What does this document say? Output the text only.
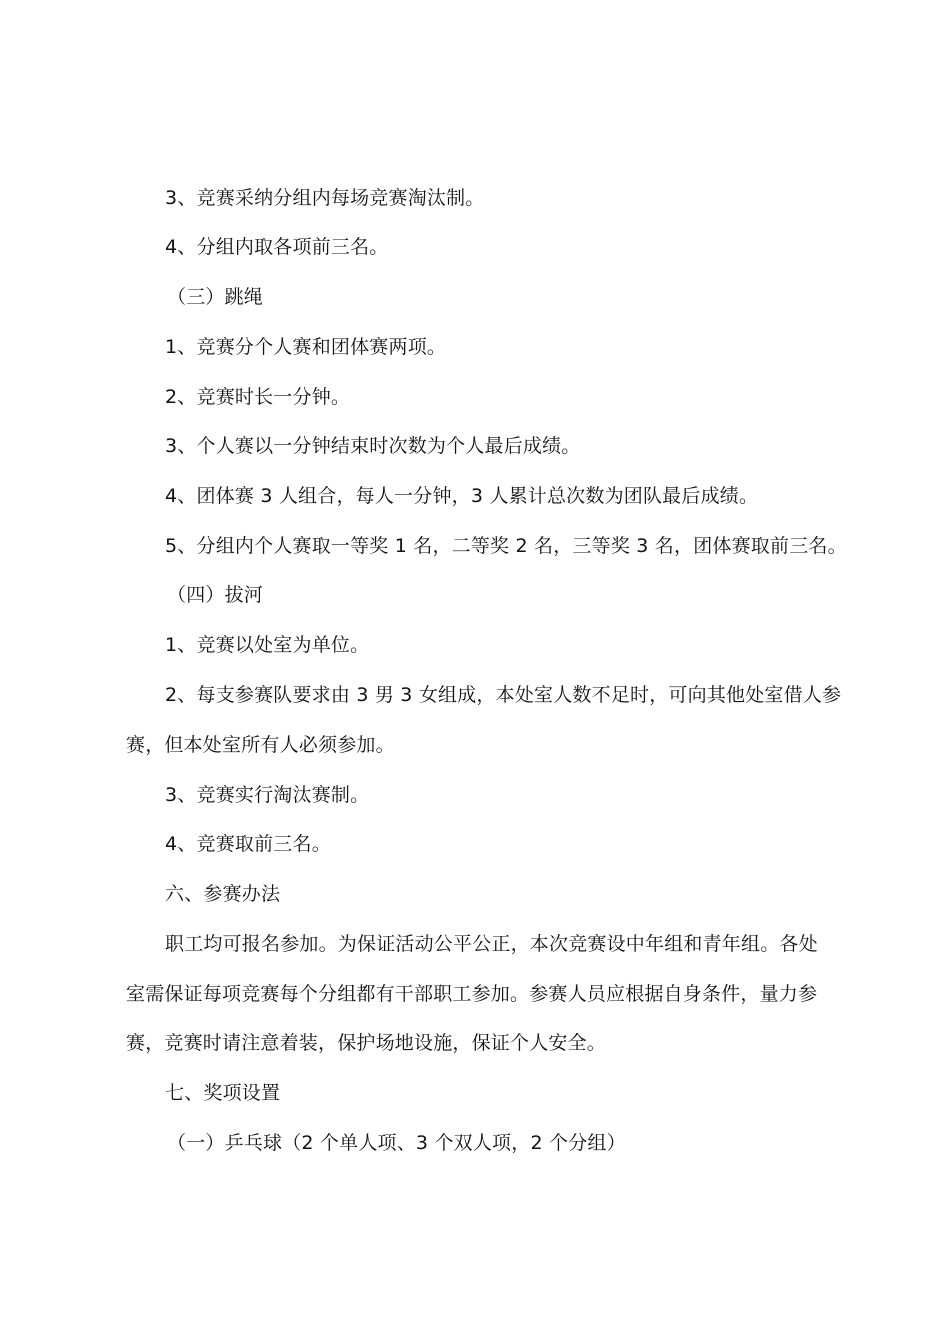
3、竞赛采纳分组内每场竞赛淘汰制。
4、分组内取各项前三名。
（三）跳绳
1、竞赛分个人赛和团体赛两项。
2、竞赛时长一分钟。
3、个人赛以一分钟结束时次数为个人最后成绩。
4、团体赛 3 人组合，每人一分钟，3 人累计总次数为团队最后成绩。
5、分组内个人赛取一等奖 1 名，二等奖 2 名，三等奖 3 名，团体赛取前三名。
（四）拔河
1、竞赛以处室为单位。
2、每支参赛队要求由 3 男 3 女组成，本处室人数不足时，可向其他处室借人参
赛，但本处室所有人必须参加。
3、竞赛实行淘汰赛制。
4、竞赛取前三名。
六、参赛办法
职工均可报名参加。为保证活动公平公正，本次竞赛设中年组和青年组。各处
室需保证每项竞赛每个分组都有干部职工参加。参赛人员应根据自身条件，量力参
赛，竞赛时请注意着装，保护场地设施，保证个人安全。
七、奖项设置
（一）乒乓球（2 个单人项、3 个双人项，2 个分组）
